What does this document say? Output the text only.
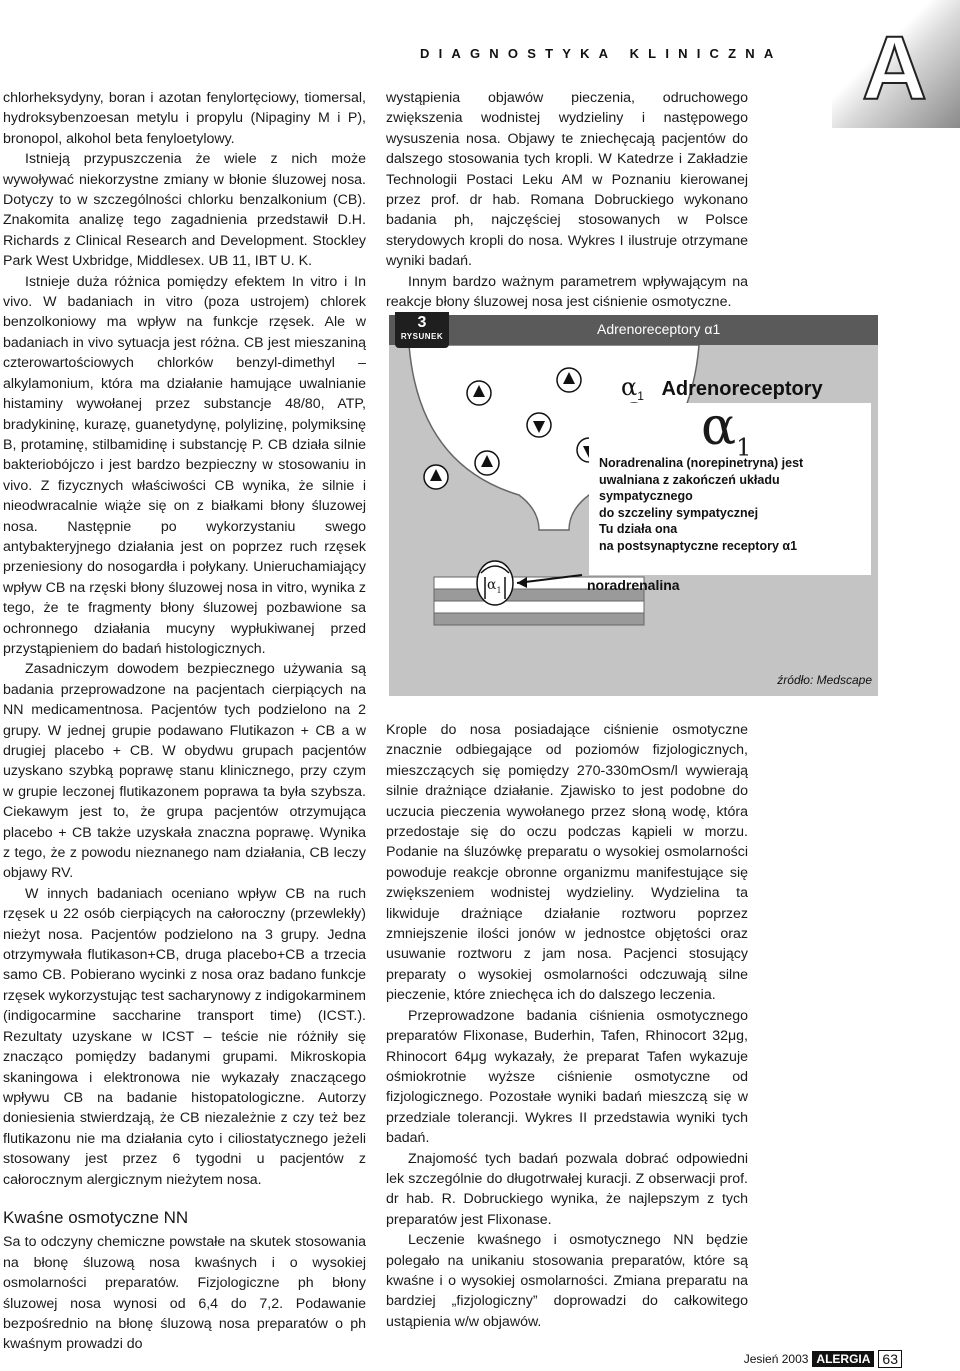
DIAGNOSTYKA KLINICZNA A

chlorheksydyny, boran i azotan fenylortęciowy, tiomersal, hydroksybenzoesan metylu i propylu (Nipaginy M i P), bronopol, alkohol beta fenyloetylowy.

Istnieją przypuszczenia że wiele z nich może wywoływać niekorzystne zmiany w błonie śluzowej nosa. Dotyczy to w szczególności chlorku benzalkonium (CB). Znakomita analizę tego zagadnienia przedstawił D.H. Richards z Clinical Research and Development. Stockley Park West Uxbridge, Middlesex. UB 11, IBT U. K.

Istnieje duża różnica pomiędzy efektem In vitro i In vivo. W badaniach in vitro (poza ustrojem) chlorek benzolkoniowy ma wpływ na funkcje rzęsek. Ale w badaniach in vivo sytuacja jest różna. CB jest mieszaniną czterowartościowych chlorków benzyl-dimethyl – alkylamonium, która ma działanie hamujące uwalnianie histaminy wywołanej przez substancje 48/80, ATP, bradykininę, kurazę, guanetydynę, polylizinę, polymiksinę B, protaminę, stilbamidinę i substancję P. CB działa silnie bakteriobójczo i jest bardzo bezpieczny w stosowaniu in vivo. Z fizycznych właściwości CB wynika, że silnie i nieodwracalnie wiąże się on z białkami błony śluzowej nosa. Następnie po wykorzystaniu swego antybakteryjnego działania jest on poprzez ruch rzęsek przeniesiony do nosogardła i połykany. Unieruchamiający wpływ CB na rzęski błony śluzowej nosa in vitro, wynika z tego, że te fragmenty błony śluzowej pozbawione sa ochronnego działania mucyny wypłukiwanej przed przystąpieniem do badań histologicznych.

Zasadniczym dowodem bezpiecznego używania są badania przeprowadzone na pacjentach cierpiących na NN medicamentnosa. Pacjentów tych podzielono na 2 grupy. W jednej grupie podawano Flutikazon + CB a w drugiej placebo + CB. W obydwu grupach pacjentów uzyskano szybką poprawę stanu klinicznego, przy czym w grupie leczonej flutikazonem poprawa ta była szybsza. Ciekawym jest to, że grupa pacjentów otrzymująca placebo + CB także uzyskała znaczna poprawę. Wynika z tego, że z powodu nieznanego nam działania, CB leczy objawy RV.

W innych badaniach oceniano wpływ CB na ruch rzęsek u 22 osób cierpiących na całoroczny (przewlekły) nieżyt nosa. Pacjentów podzielono na 3 grupy. Jedna otrzymywała flutikason+CB, druga placebo+CB a trzecia samo CB. Pobierano wycinki z nosa oraz badano funkcje rzęsek wykorzystując test sacharynowy z indigokarminem (indigocarmine saccharine transport time) (ICST.). Rezultaty uzyskane w ICST – teście nie różniły się znacząco pomiędzy badanymi grupami. Mikroskopia skaningowa i elektronowa nie wykazały znaczącego wpływu CB na badanie histopatologiczne. Autorzy doniesienia stwierdzają, że CB niezależnie z czy też bez flutikazonu nie ma działania cyto i ciliostatycznego jeżeli stosowany jest przez 6 tygodni u pacjentów z całorocznym alergicznym nieżytem nosa.

Kwaśne osmotyczne NN

Sa to odczyny chemiczne powstałe na skutek stosowania na błonę śluzową nosa kwaśnych i o wysokiej osmolarności preparatów. Fizjologiczne ph błony śluzowej nosa wynosi od 6,4 do 7,2. Podawanie bezpośrednio na błonę śluzową nosa preparatów o ph kwaśnym prowadzi do

wystąpienia objawów pieczenia, odruchowego zwiększenia wodnistej wydzieliny i następowego wysuszenia nosa. Objawy te zniechęcają pacjentów do dalszego stosowania tych kropli. W Katedrze i Zakładzie Technologii Postaci Leku AM w Poznaniu kierowanej przez prof. dr hab. Romana Dobruckiego wykonano badania ph, najczęściej stosowanych w Polsce sterydowych kropli do nosa. Wykres I ilustruje otrzymane wyniki badań.

Innym bardzo ważnym parametrem wpływającym na reakcje błony śluzowej nosa jest ciśnienie osmotyczne.

Adrenoreceptory α1
3
RYSUNEK
$\alpha_1$ Adrenoreceptory
$\alpha_1$
Noradrenalina (norepinetryna) jest
uwalniana z zakończeń układu
sympatycznego
do szczeliny sympatycznej
Tu działa ona
na postsynaptyczne receptory α1
$\alpha_1$	noradrenalina
źródło: Medscape

Krople do nosa posiadające ciśnienie osmotyczne znacznie odbiegające od poziomów fizjologicznych, mieszczących się pomiędzy 270-330mOsm/l wywierają silnie drażniące działanie. Zjawisko to jest podobne do uczucia pieczenia wywołanego przez słoną wodę, która przedostaje się do oczu podczas kąpieli w morzu. Podanie na śluzówkę preparatu o wysokiej osmolarności powoduje reakcje obronne organizmu manifestujące się zwiększeniem wodnistej wydzieliny. Wydzielina ta likwiduje drażniące działanie roztworu poprzez zmniejszenie ilości jonów w jednostce objętości oraz usuwanie roztworu z jam nosa. Pacjenci stosujący preparaty o wysokiej osmolarności odczuwają silne pieczenie, które zniechęca ich do dalszego leczenia.

Przeprowadzone badania ciśnienia osmotycznego preparatów Flixonase, Buderhin, Tafen, Rhinocort 32μg, Rhinocort 64μg wykazały, że preparat Tafen wykazuje ośmiokrotnie wyższe ciśnienie osmotyczne od fizjologicznego. Pozostałe wyniki badań mieszczą się w przedziale tolerancji. Wykres II przedstawia wyniki tych badań.

Znajomość tych badań pozwala dobrać odpowiedni lek szczególnie do długotrwałej kuracji. Z obserwacji prof. dr hab. R. Dobruckiego wynika, że najlepszym z tych preparatów jest Flixonase.

Leczenie kwaśnego i osmotycznego NN będzie polegało na unikaniu stosowania preparatów, które są kwaśne i o wysokiej osmolarności. Zmiana preparatu na bardziej „fizjologiczny” doprowadzi do całkowitego ustąpienia w/w objawów.

Jesień 2003 ALERGIA 63
